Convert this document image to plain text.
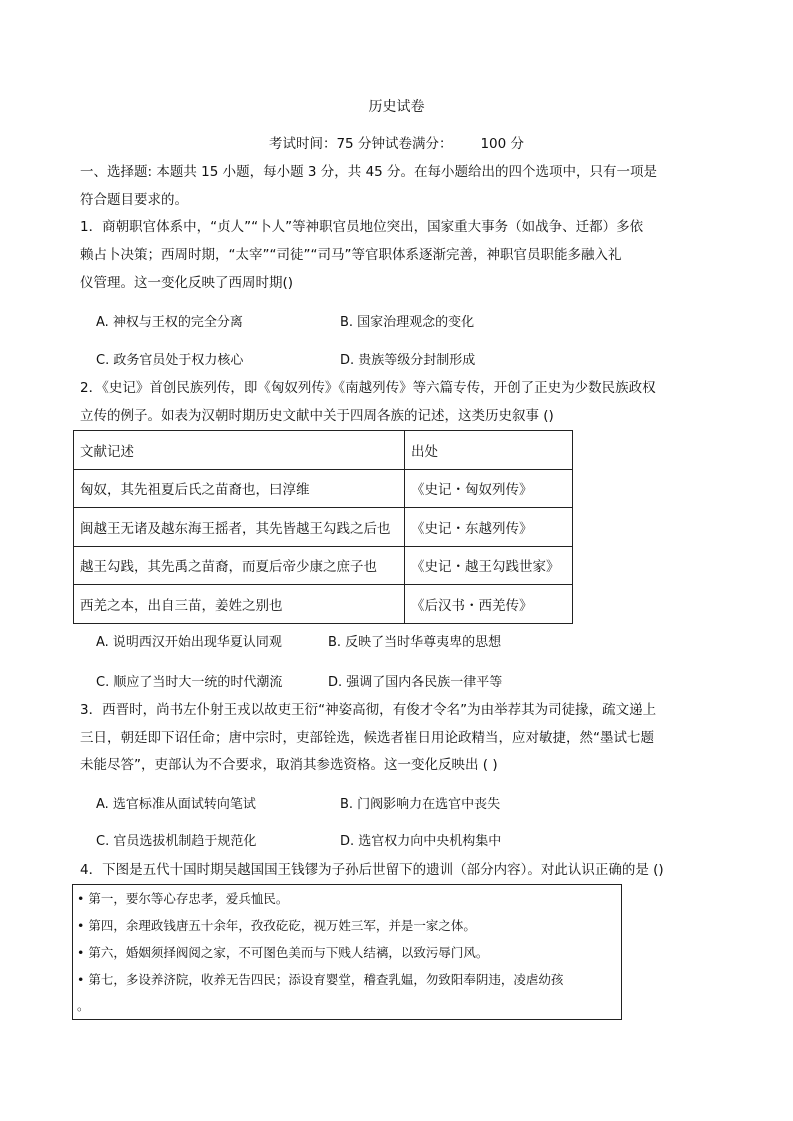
历史试卷
考试时间：75 分钟试卷满分： 100 分
一、选择题: 本题共 15 小题，每小题 3 分，共 45 分。在每小题给出的四个选项中，只有一项是
符合题目要求的。
1．商朝职官体系中，“贞人”“卜人”等神职官员地位突出，国家重大事务（如战争、迁都）多依
赖占卜决策；西周时期，“太宰”“司徒”“司马”等官职体系逐渐完善，神职官员职能多融入礼
仪管理。这一变化反映了西周时期()
A. 神权与王权的完全分离	B. 国家治理观念的变化
C. 政务官员处于权力核心	D. 贵族等级分封制形成
2．《史记》首创民族列传，即《匈奴列传》《南越列传》等六篇专传，开创了正史为少数民族政权
立传的例子。如表为汉朝时期历史文献中关于四周各族的记述，这类历史叙事 ()
文献记述	出处
匈奴，其先祖夏后氏之苗裔也，曰淳维	《史记・匈奴列传》
闽越王无诸及越东海王摇者，其先皆越王勾践之后也	《史记・东越列传》
越王勾践，其先禹之苗裔，而夏后帝少康之庶子也	《史记・越王勾践世家》
西羌之本，出自三苗，姜姓之别也	《后汉书・西羌传》
A. 说明西汉开始出现华夏认同观	B. 反映了当时华尊夷卑的思想
C. 顺应了当时大一统的时代潮流	D. 强调了国内各民族一律平等
3．西晋时，尚书左仆射王戎以故吏王衍“神姿高彻，有俊才令名”为由举荐其为司徒掾，疏文递上
三日，朝廷即下诏任命；唐中宗时，吏部铨选，候选者崔日用论政精当，应对敏捷，然“墨试七题
未能尽答”，吏部认为不合要求，取消其参选资格。这一变化反映出 ( )
A. 选官标准从面试转向笔试	B. 门阀影响力在选官中丧失
C. 官员选拔机制趋于规范化	D. 选官权力向中央机构集中
4．下图是五代十国时期吴越国国王钱镠为子孙后世留下的遗训（部分内容）。对此认识正确的是 ()
• 第一，要尔等心存忠孝，爱兵恤民。
• 第四，余理政钱唐五十余年，孜孜矻矻，视万姓三军，并是一家之体。
• 第六，婚姻须择阀阅之家，不可图色美而与下贱人结褵，以致污辱门风。
• 第七，多设养济院，收养无告四民；添设育婴堂，稽查乳媪，勿致阳奉阴违，凌虐幼孩
。
